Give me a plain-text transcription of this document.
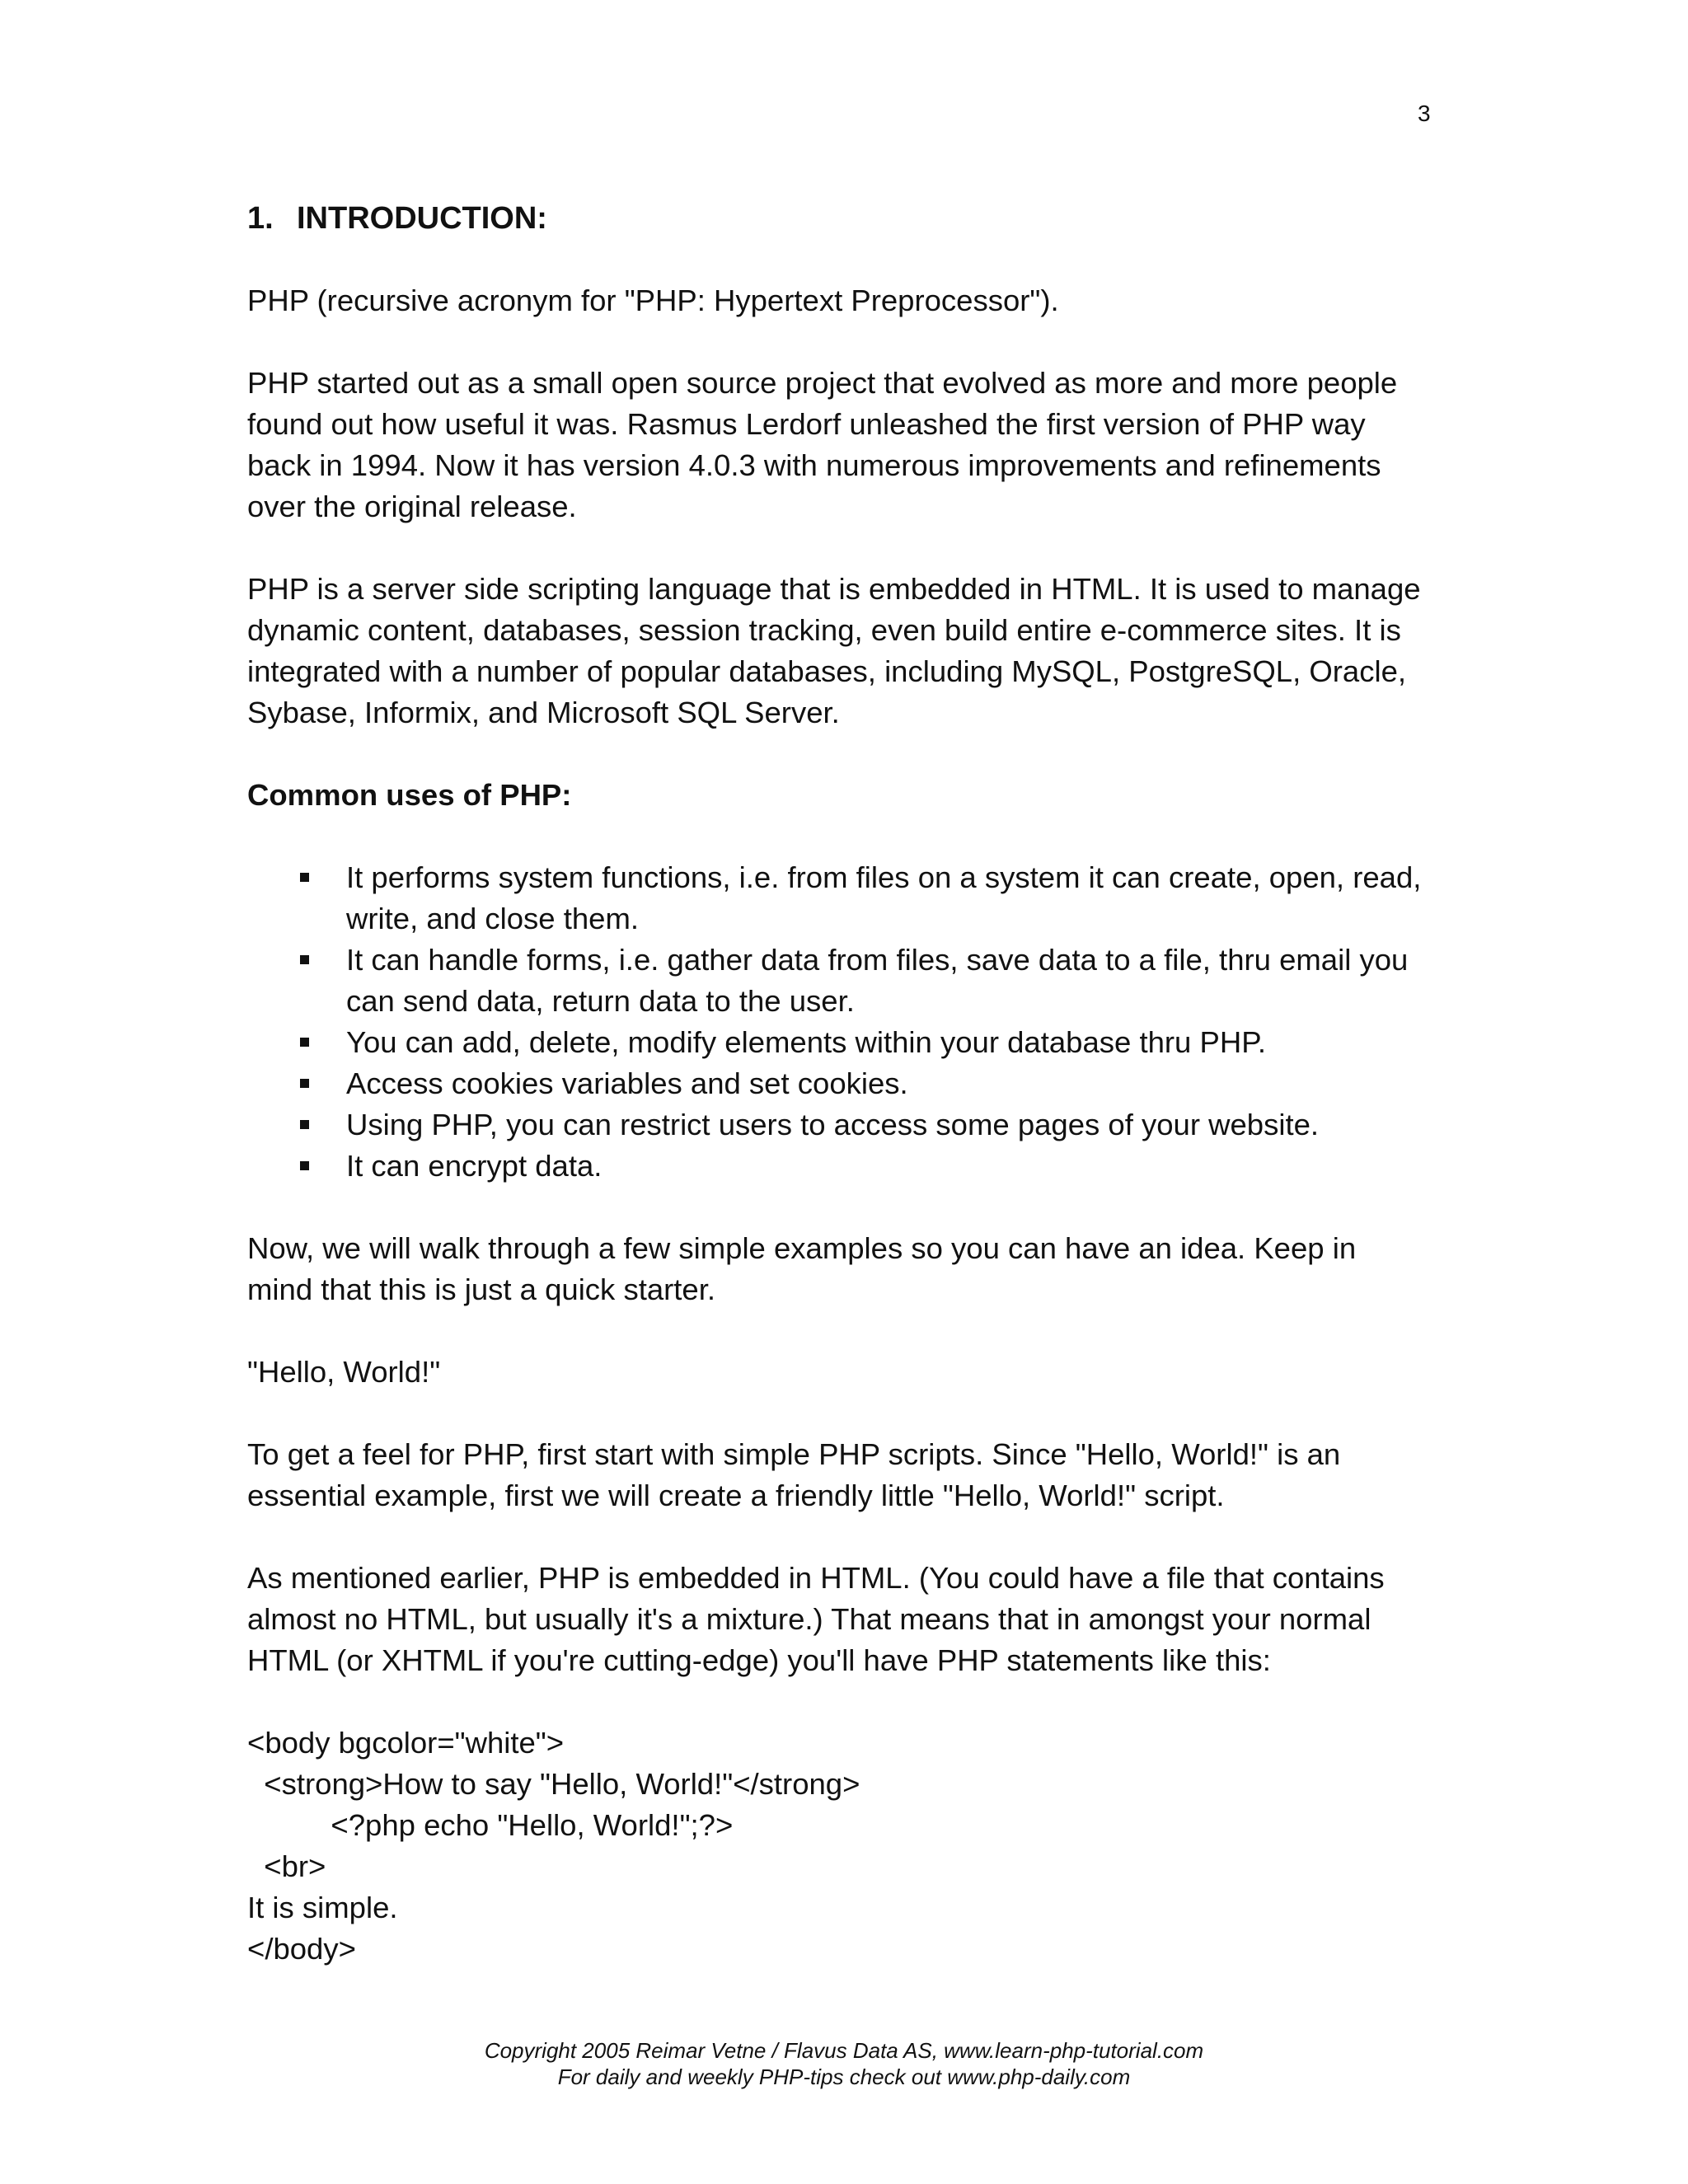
3
1. INTRODUCTION:

PHP (recursive acronym for "PHP: Hypertext Preprocessor").

PHP started out as a small open source project that evolved as more and more people
found out how useful it was. Rasmus Lerdorf unleashed the first version of PHP way
back in 1994. Now it has version 4.0.3 with numerous improvements and refinements
over the original release.

PHP is a server side scripting language that is embedded in HTML. It is used to manage
dynamic content, databases, session tracking, even build entire e-commerce sites. It is
integrated with a number of popular databases, including MySQL, PostgreSQL, Oracle,
Sybase, Informix, and Microsoft SQL Server.

Common uses of PHP:
It performs system functions, i.e. from files on a system it can create, open, read,
write, and close them.
It can handle forms, i.e. gather data from files, save data to a file, thru email you
can send data, return data to the user.
You can add, delete, modify elements within your database thru PHP.
Access cookies variables and set cookies.
Using PHP, you can restrict users to access some pages of your website.
It can encrypt data.

Now, we will walk through a few simple examples so you can have an idea. Keep in
mind that this is just a quick starter.

"Hello, World!"

To get a feel for PHP, first start with simple PHP scripts. Since "Hello, World!" is an
essential example, first we will create a friendly little "Hello, World!" script.

As mentioned earlier, PHP is embedded in HTML. (You could have a file that contains
almost no HTML, but usually it's a mixture.) That means that in amongst your normal
HTML (or XHTML if you're cutting-edge) you'll have PHP statements like this:

<body bgcolor="white">
<strong>How to say "Hello, World!"</strong>
<?php echo "Hello, World!";?>
<br>
It is simple.
</body>
Copyright 2005 Reimar Vetne / Flavus Data AS, www.learn-php-tutorial.com
For daily and weekly PHP-tips check out www.php-daily.com
